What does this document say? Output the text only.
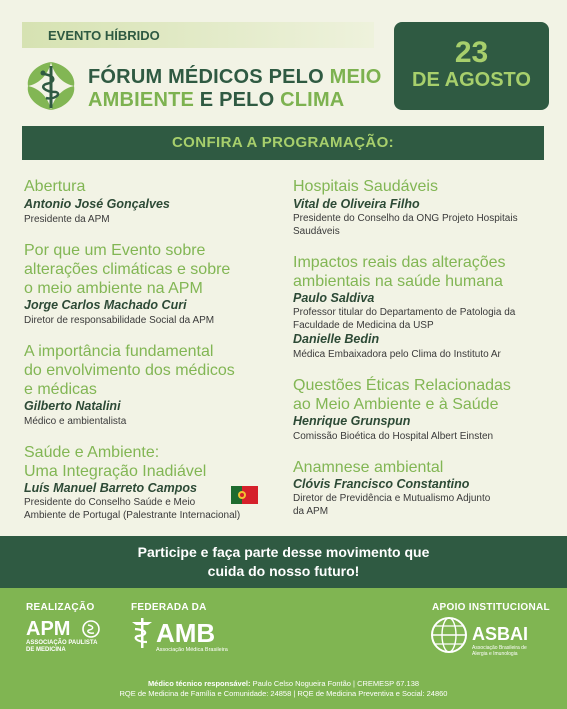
EVENTO HÍBRIDO
FÓRUM MÉDICOS PELO MEIO
AMBIENTE E PELO CLIMA
23
DE AGOSTO
CONFIRA A PROGRAMAÇÃO:
Abertura
Antonio José Gonçalves
Presidente da APM
Por que um Evento sobre
alterações climáticas e sobre
o meio ambiente na APM
Jorge Carlos Machado Curi
Diretor de responsabilidade Social da APM
A importância fundamental
do envolvimento dos médicos
e médicas
Gilberto Natalini
Médico e ambientalista
Saúde e Ambiente:
Uma Integração Inadiável
Luís Manuel Barreto Campos
Presidente do Conselho Saúde e Meio
Ambiente de Portugal (Palestrante Internacional)
Hospitais Saudáveis
Vital de Oliveira Filho
Presidente do Conselho da ONG Projeto Hospitais
Saudáveis
Impactos reais das alterações
ambientais na saúde humana
Paulo Saldiva
Professor titular do Departamento de Patologia da
Faculdade de Medicina da USP
Danielle Bedin
Médica Embaixadora pelo Clima do Instituto Ar
Questões Éticas Relacionadas
ao Meio Ambiente e à Saúde
Henrique Grunspun
Comissão Bioética do Hospital Albert Einsten
Anamnese ambiental
Clóvis Francisco Constantino
Diretor de Previdência e Mutualismo Adjunto
da APM
Participe e faça parte desse movimento que
cuida do nosso futuro!
REALIZAÇÃO	FEDERADA DA	APOIO INSTITUCIONAL
APM
ASSOCIAÇÃO PAULISTA
DE MEDICINA
AMB
Associação Médica Brasileira
ASBAI
Associação Brasileira de
Alergia e Imunologia
Médico técnico responsável: Paulo Celso Nogueira Fontão | CREMESP 67.138
RQE de Medicina de Família e Comunidade: 24858 | RQE de Medicina Preventiva e Social: 24860
